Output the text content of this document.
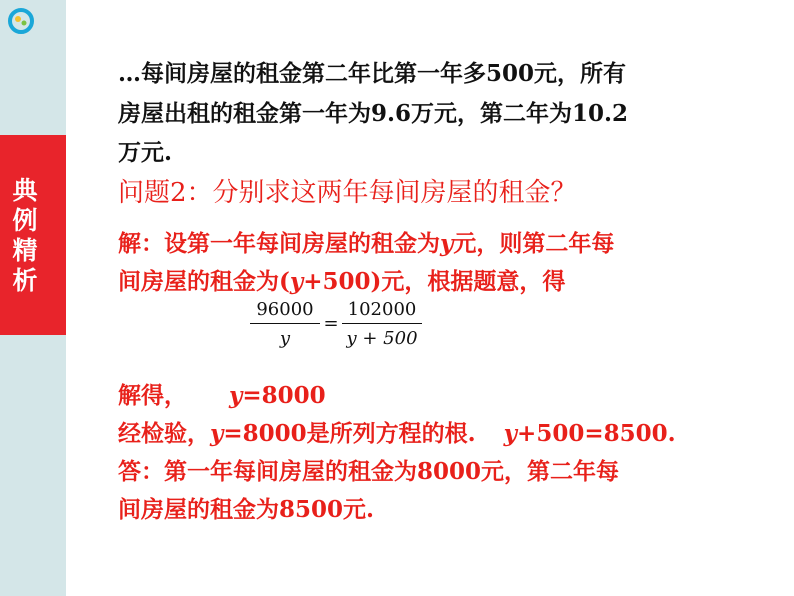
典例精析
…每间房屋的租金第二年比第一年多500元，所有
房屋出租的租金第一年为9.6万元，第二年为10.2
万元.
问题2：分别求这两年每间房屋的租金？
解：设第一年每间房屋的租金为y元，则第二年每
间房屋的租金为(y+500)元，根据题意，得
96000
y
=
102000
y + 500
解得， y=8000
经检验，y=8000是所列方程的根. y+500=8500.
答：第一年每间房屋的租金为8000元，第二年每
间房屋的租金为8500元.
